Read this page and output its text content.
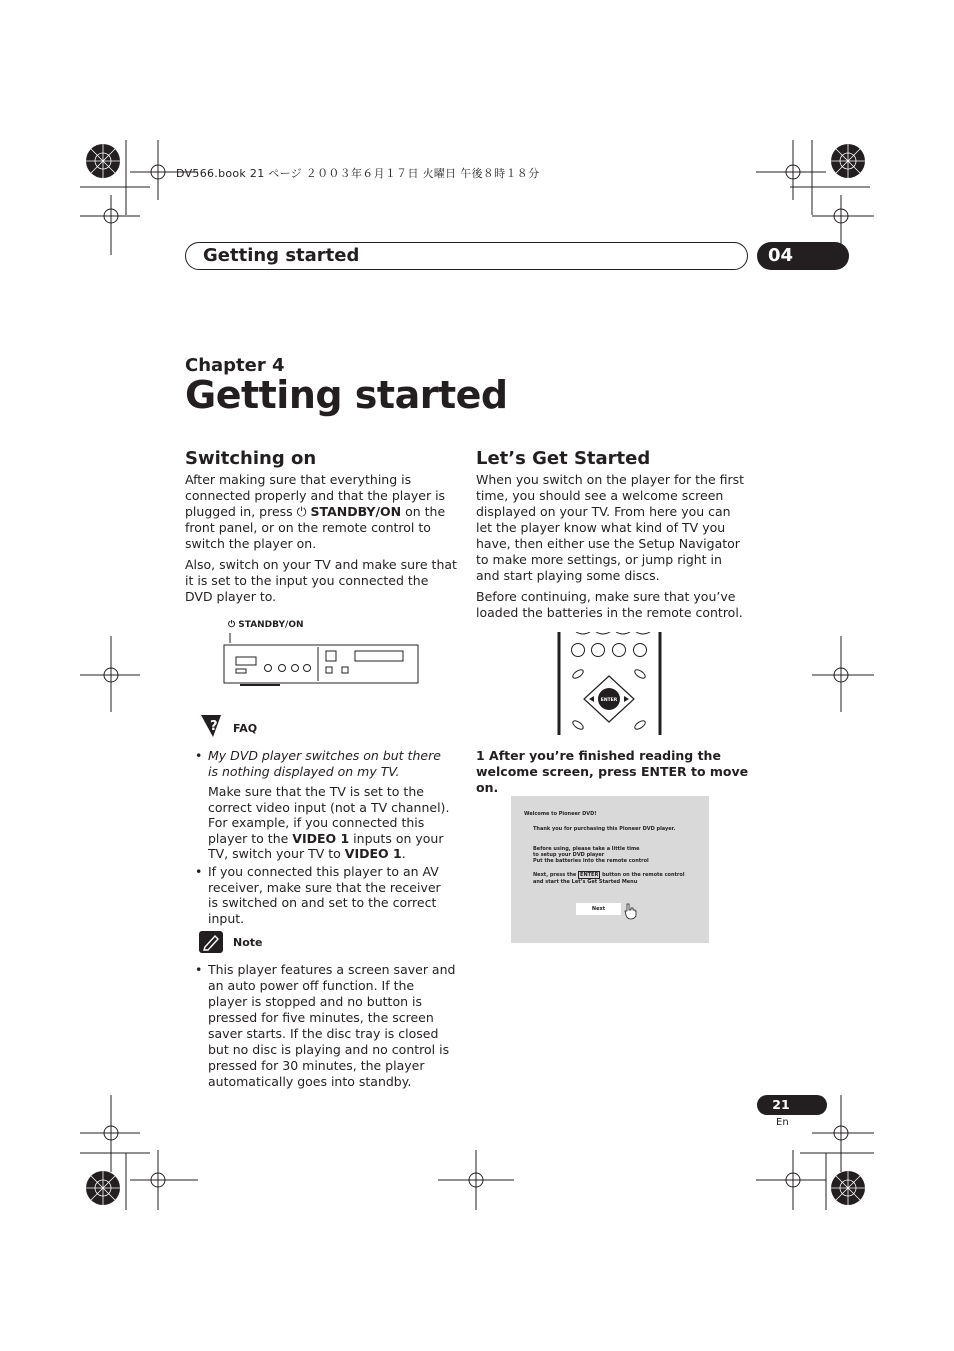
DV566.book 21 ページ ２００３年６月１７日 火曜日 午後８時１８分
Getting started	04
Chapter 4
Getting started
Switching on

After making sure that everything is connected properly and that the player is plugged in, press ⏻ STANDBY/ON on the front panel, or on the remote control to switch the player on.

Also, switch on your TV and make sure that it is set to the input you connected the DVD player to.

⏻ STANDBY/ON
? FAQ
• My DVD player switches on but there is nothing displayed on my TV.
Make sure that the TV is set to the correct video input (not a TV channel). For example, if you connected this player to the VIDEO 1 inputs on your TV, switch your TV to VIDEO 1.
• If you connected this player to an AV receiver, make sure that the receiver is switched on and set to the correct input.
Note
• This player features a screen saver and an auto power off function. If the player is stopped and no button is pressed for five minutes, the screen saver starts. If the disc tray is closed but no disc is playing and no control is pressed for 30 minutes, the player automatically goes into standby.
Let’s Get Started

When you switch on the player for the first time, you should see a welcome screen displayed on your TV. From here you can let the player know what kind of TV you have, then either use the Setup Navigator to make more settings, or jump right in and start playing some discs.

Before continuing, make sure that you’ve loaded the batteries in the remote control.

ENTER
1 After you’re finished reading the welcome screen, press ENTER to move on.
Welcome to Pioneer DVD!
Thank you for purchasing this Pioneer DVD player.
Before using, please take a little time
to setup your DVD player
Put the batteries into the remote control
Next, press the ENTER button on the remote control
and start the Let’s Get Started Menu
Next
21
En
